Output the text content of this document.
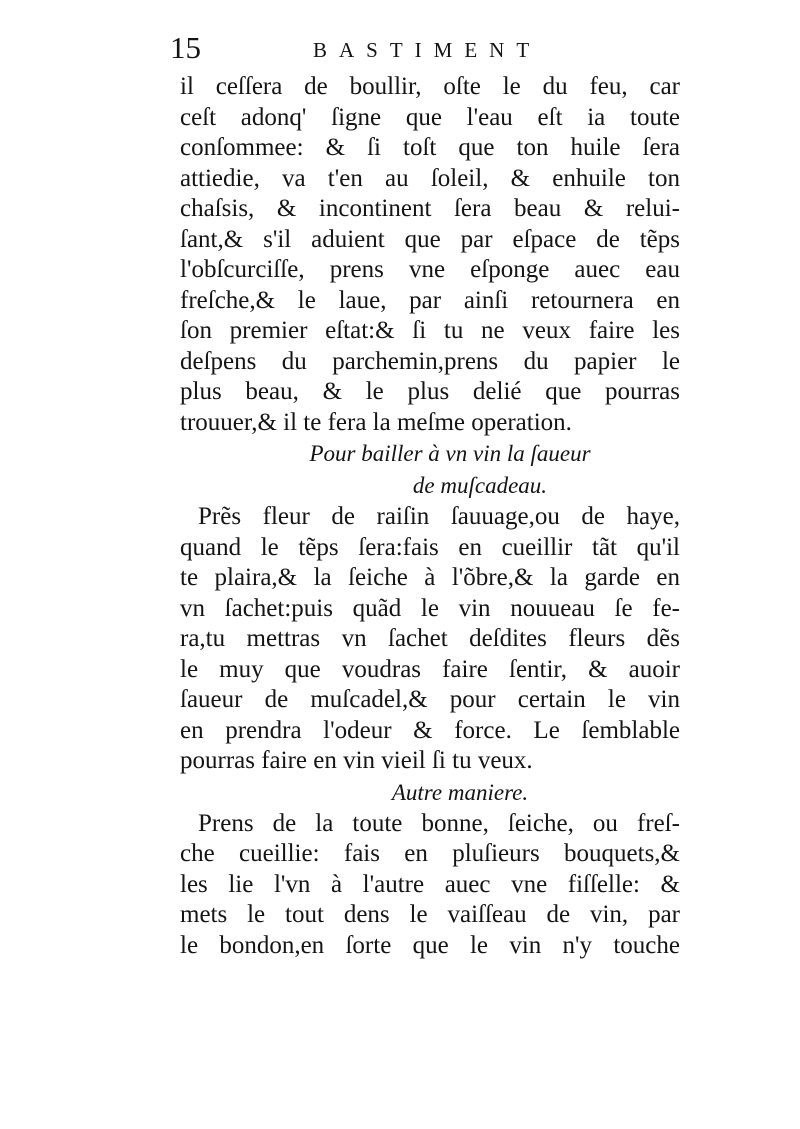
15	BASTIMENT
il ceſſera de boullir, oſte le du feu, car
ceſt adonq' ſigne que l'eau eſt ia toute
conſommee: & ſi toſt que ton huile ſera
attiedie, va t'en au ſoleil, & enhuile ton
chaſsis, & incontinent ſera beau & relui-
ſant,& s'il aduient que par eſpace de tẽps
l'obſcurciſſe, prens vne eſponge auec eau
freſche,& le laue, par ainſi retournera en
ſon premier eſtat:& ſi tu ne veux faire les
deſpens du parchemin,prens du papier le
plus beau, & le plus delié que pourras
trouuer,& il te fera la meſme operation.
Pour bailler à vn vin la ſaueur
de muſcadeau.
Prẽs fleur de raiſin ſauuage,ou de haye,
quand le tẽps ſera:fais en cueillir tãt qu'il
te plaira,& la ſeiche à l'õbre,& la garde en
vn ſachet:puis quãd le vin nouueau ſe fe-
ra,tu mettras vn ſachet deſdites fleurs dẽs
le muy que voudras faire ſentir, & auoir
ſaueur de muſcadel,& pour certain le vin
en prendra l'odeur & force. Le ſemblable
pourras faire en vin vieil ſi tu veux.
Autre maniere.
Prens de la toute bonne, ſeiche, ou freſ-
che cueillie: fais en pluſieurs bouquets,&
les lie l'vn à l'autre auec vne fiſſelle: &
mets le tout dens le vaiſſeau de vin, par
le bondon,en ſorte que le vin n'y touche
